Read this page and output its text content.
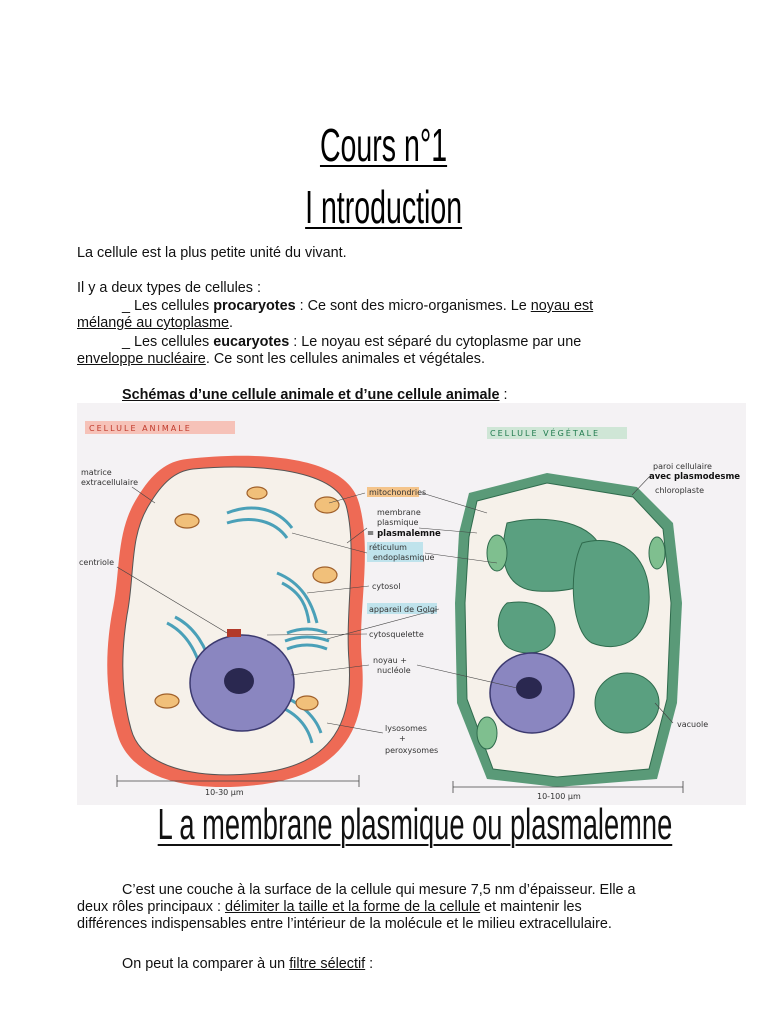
Cours n°1
I ntroduction
La cellule est la plus petite unité du vivant.
Il y a deux types de cellules :
_ Les cellules procaryotes : Ce sont des micro-organismes. Le noyau est
mélangé au cytoplasme.
_ Les cellules eucaryotes : Le noyau est séparé du cytoplasme par une
enveloppe nucléaire. Ce sont les cellules animales et végétales.
Schémas d’une cellule animale et d’une cellule animale :
CELLULE ANIMALE
CELLULE VÉGÉTALE
mitochondries
membrane
plasmique
= plasmalemne
réticulum
endoplasmique
cytosol
appareil de Golgi
cytosquelette
noyau +
nucléole
lysosomes
+
peroxysomes
matrice
extracellulaire
centriole
paroi cellulaire
avec plasmodesme
chloroplaste
vacuole
10-30 µm	10-100 µm
L a membrane plasmique ou plasmalemne
C’est une couche à la surface de la cellule qui mesure 7,5 nm d’épaisseur. Elle a
deux rôles principaux : délimiter la taille et la forme de la cellule et maintenir les
différences indispensables entre l’intérieur de la molécule et le milieu extracellulaire.
On peut la comparer à un filtre sélectif :
